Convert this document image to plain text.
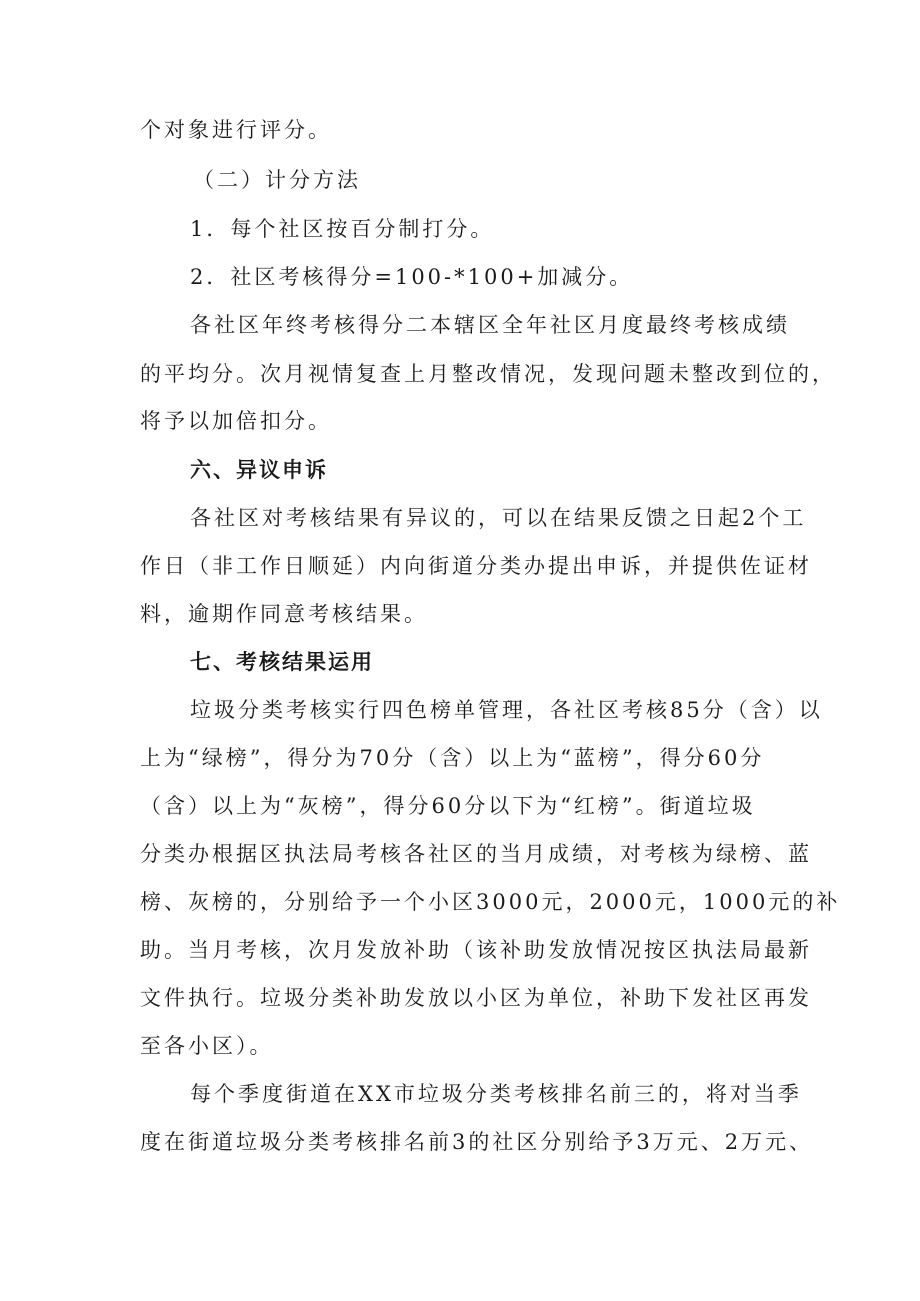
个对象进行评分。

（二）计分方法

1．每个社区按百分制打分。

2．社区考核得分=100-*100+加减分。

各社区年终考核得分二本辖区全年社区月度最终考核成绩

的平均分。次月视情复查上月整改情况，发现问题未整改到位的，

将予以加倍扣分。

六、异议申诉

各社区对考核结果有异议的，可以在结果反馈之日起2个工

作日（非工作日顺延）内向街道分类办提出申诉，并提供佐证材

料，逾期作同意考核结果。

七、考核结果运用

垃圾分类考核实行四色榜单管理，各社区考核85分（含）以

上为“绿榜”，得分为70分（含）以上为“蓝榜”，得分60分

（含）以上为“灰榜”，得分60分以下为“红榜”。街道垃圾

分类办根据区执法局考核各社区的当月成绩，对考核为绿榜、蓝

榜、灰榜的，分别给予一个小区3000元，2000元，1000元的补

助。当月考核，次月发放补助（该补助发放情况按区执法局最新

文件执行。垃圾分类补助发放以小区为单位，补助下发社区再发

至各小区）。

每个季度街道在XX市垃圾分类考核排名前三的，将对当季

度在街道垃圾分类考核排名前3的社区分别给予3万元、2万元、
